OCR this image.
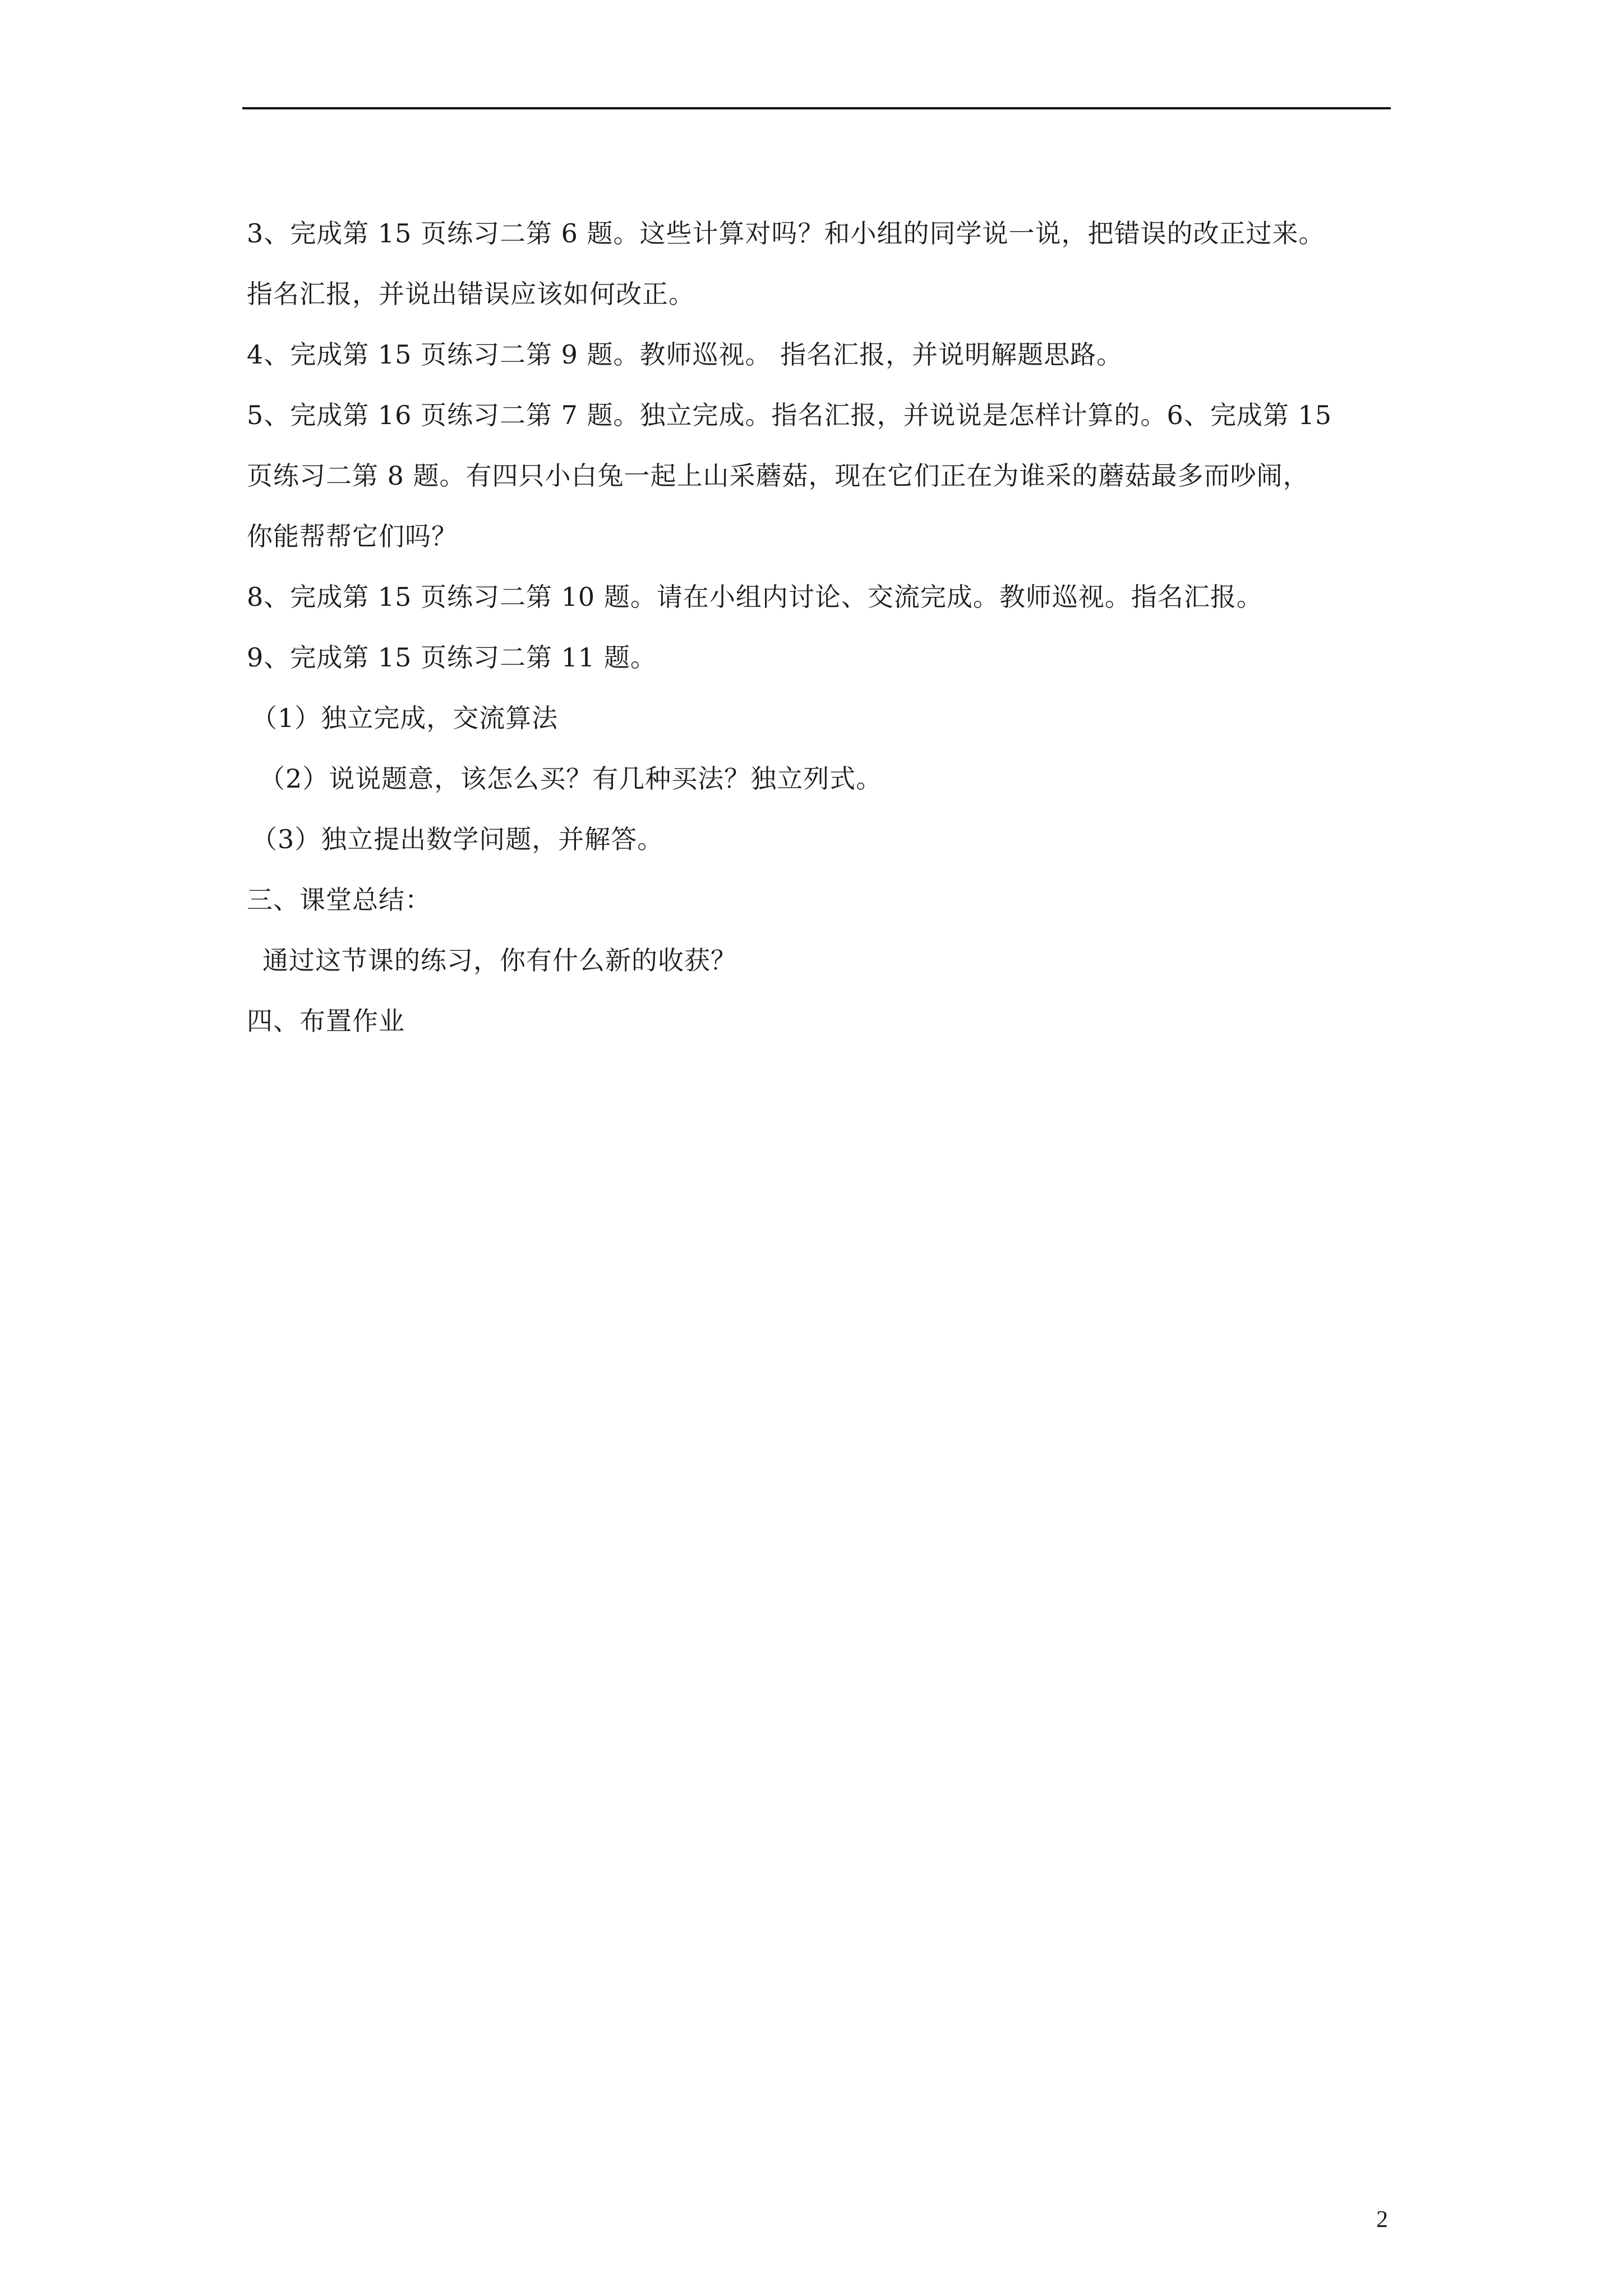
3、完成第 15 页练习二第 6 题。这些计算对吗？和小组的同学说一说，把错误的改正过来。
指名汇报，并说出错误应该如何改正。
4、完成第 15 页练习二第 9 题。教师巡视。 指名汇报，并说明解题思路。
5、完成第 16 页练习二第 7 题。独立完成。指名汇报，并说说是怎样计算的。6、完成第 15
页练习二第 8 题。有四只小白兔一起上山采蘑菇，现在它们正在为谁采的蘑菇最多而吵闹，
你能帮帮它们吗？
8、完成第 15 页练习二第 10 题。请在小组内讨论、交流完成。教师巡视。指名汇报。
9、完成第 15 页练习二第 11 题。
（1）独立完成，交流算法
（2）说说题意，该怎么买？有几种买法？独立列式。
（3）独立提出数学问题，并解答。
三、课堂总结：
通过这节课的练习，你有什么新的收获？
四、布置作业
2
